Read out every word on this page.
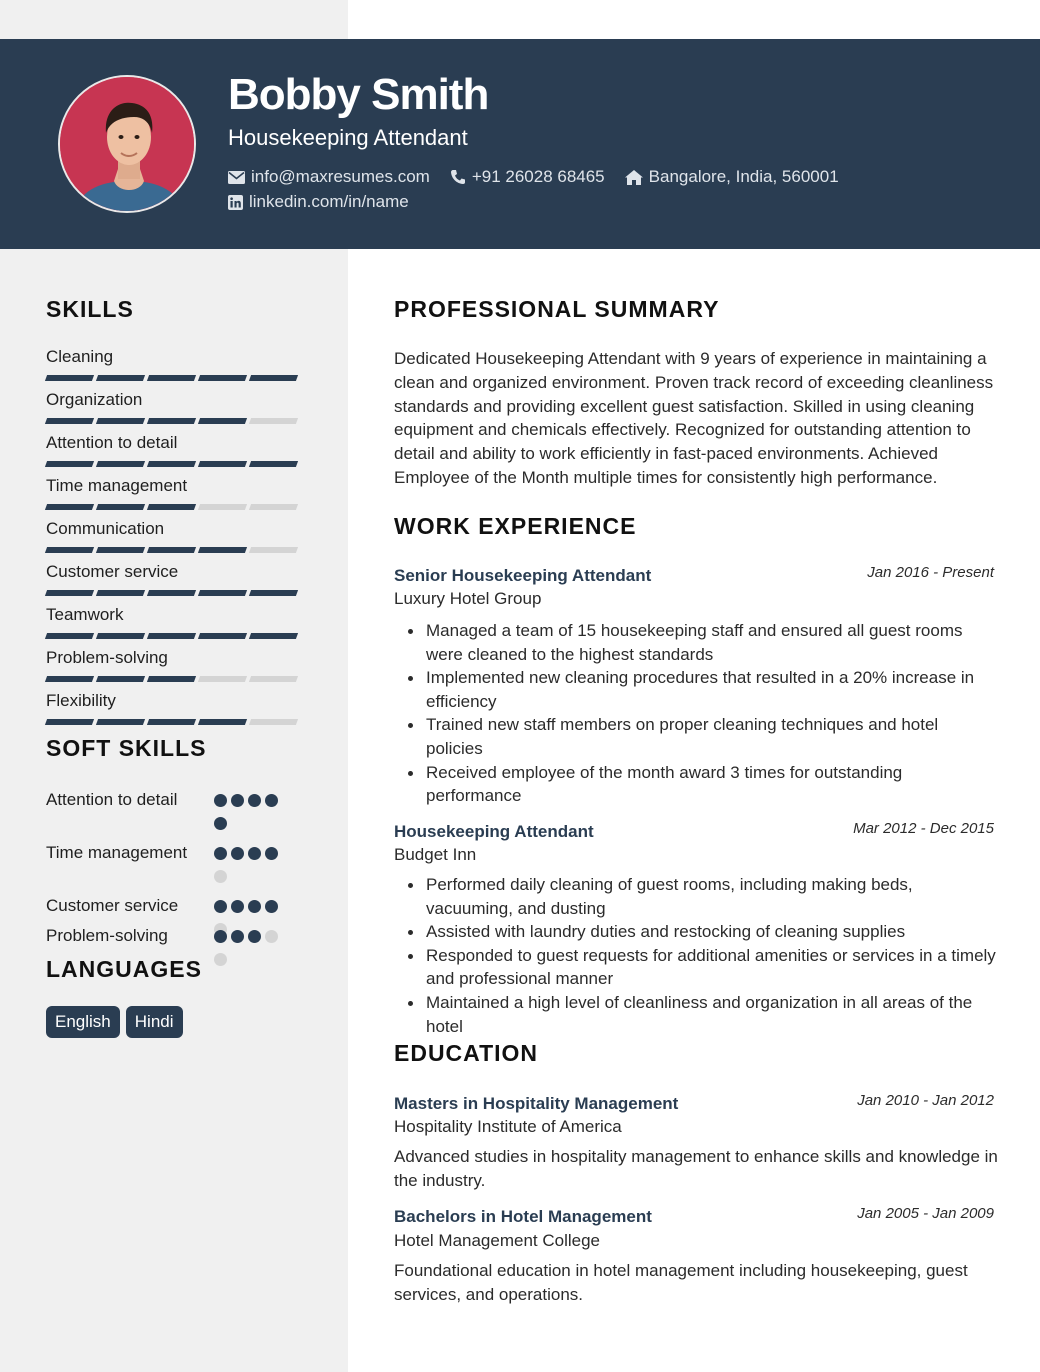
Bobby Smith
Housekeeping Attendant
info@maxresumes.com +91 26028 68465	Bangalore, India, 560001
linkedin.com/in/name
SKILLS
Cleaning
Organization
Attention to detail
Time management
Communication
Customer service
Teamwork
Problem-solving
Flexibility
SOFT SKILLS
Attention to detail
Time management
Customer service
Problem-solving
LANGUAGES
English	Hindi
PROFESSIONAL SUMMARY
Dedicated Housekeeping Attendant with 9 years of experience in maintaining a clean and organized environment. Proven track record of exceeding cleanliness standards and providing excellent guest satisfaction. Skilled in using cleaning equipment and chemicals effectively. Recognized for outstanding attention to detail and ability to work efficiently in fast-paced environments. Achieved Employee of the Month multiple times for consistently high performance.
WORK EXPERIENCE
Senior Housekeeping Attendant	Jan 2016 - Present
Luxury Hotel Group
Managed a team of 15 housekeeping staff and ensured all guest rooms were cleaned to the highest standards
Implemented new cleaning procedures that resulted in a 20% increase in efficiency
Trained new staff members on proper cleaning techniques and hotel policies
Received employee of the month award 3 times for outstanding performance
Housekeeping Attendant	Mar 2012 - Dec 2015
Budget Inn
Performed daily cleaning of guest rooms, including making beds, vacuuming, and dusting
Assisted with laundry duties and restocking of cleaning supplies
Responded to guest requests for additional amenities or services in a timely and professional manner
Maintained a high level of cleanliness and organization in all areas of the hotel
EDUCATION
Masters in Hospitality Management	Jan 2010 - Jan 2012
Hospitality Institute of America
Advanced studies in hospitality management to enhance skills and knowledge in the industry.
Bachelors in Hotel Management	Jan 2005 - Jan 2009
Hotel Management College
Foundational education in hotel management including housekeeping, guest services, and operations.
